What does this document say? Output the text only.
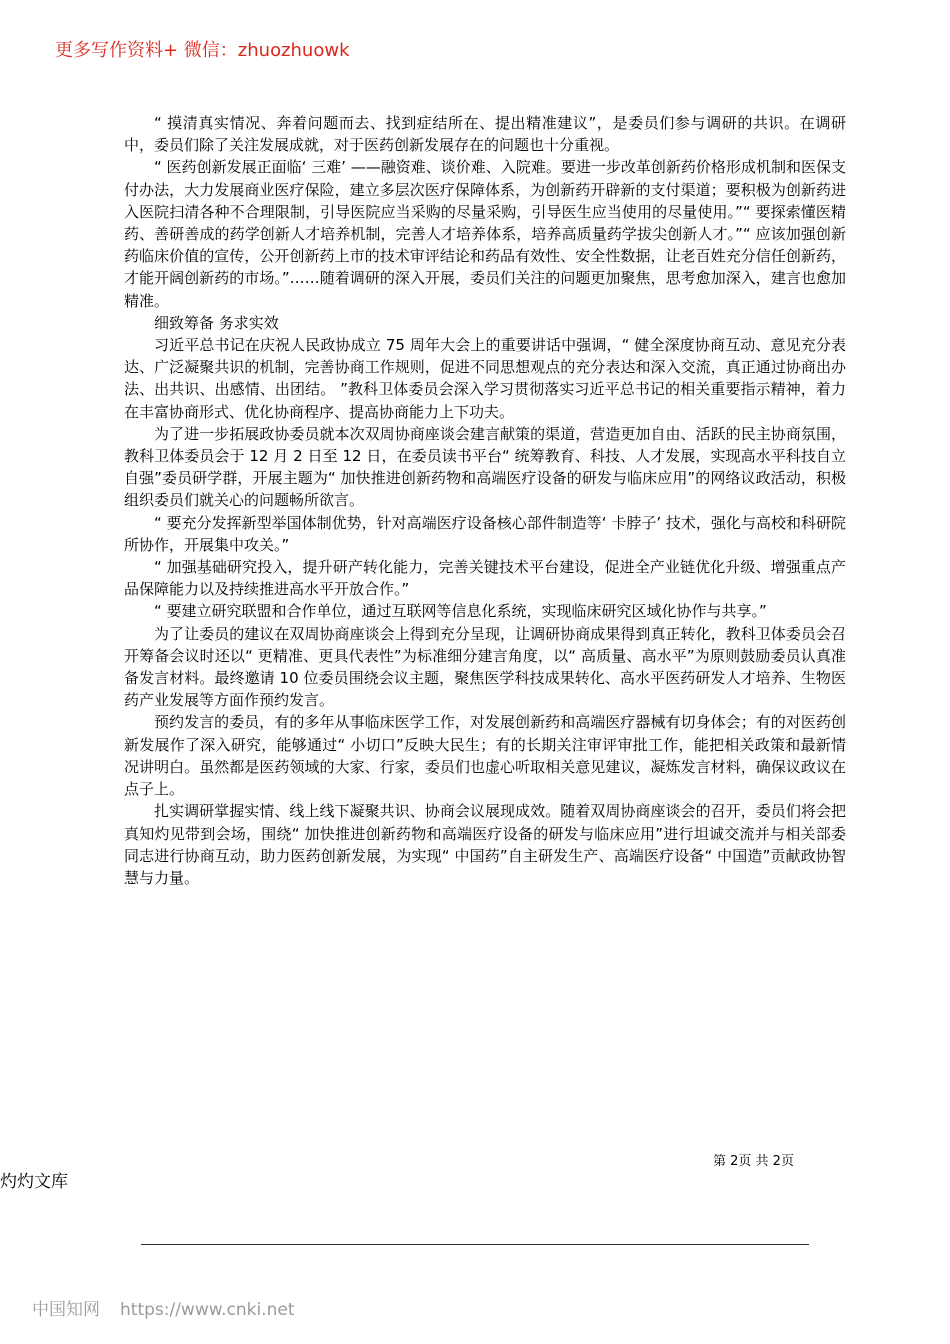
更多写作资料+ 微信：zhuozhuowk

“ 摸清真实情况、奔着问题而去、找到症结所在、提出精准建议”，是委员们参与调研的共识。在调研中，委员们除了关注发展成就，对于医药创新发展存在的问题也十分重视。

“ 医药创新发展正面临‘ 三难’ ——融资难、谈价难、入院难。要进一步改革创新药价格形成机制和医保支付办法，大力发展商业医疗保险，建立多层次医疗保障体系，为创新药开辟新的支付渠道；要积极为创新药进入医院扫清各种不合理限制，引导医院应当采购的尽量采购，引导医生应当使用的尽量使用。”“ 要探索懂医精药、善研善成的药学创新人才培养机制，完善人才培养体系，培养高质量药学拔尖创新人才。”“ 应该加强创新药临床价值的宣传，公开创新药上市的技术审评结论和药品有效性、安全性数据，让老百姓充分信任创新药，才能开阔创新药的市场。”……随着调研的深入开展，委员们关注的问题更加聚焦，思考愈加深入，建言也愈加精准。

细致筹备 务求实效

习近平总书记在庆祝人民政协成立 75 周年大会上的重要讲话中强调，“ 健全深度协商互动、意见充分表达、广泛凝聚共识的机制，完善协商工作规则，促进不同思想观点的充分表达和深入交流，真正通过协商出办法、出共识、出感情、出团结。 ”教科卫体委员会深入学习贯彻落实习近平总书记的相关重要指示精神，着力在丰富协商形式、优化协商程序、提高协商能力上下功夫。

为了进一步拓展政协委员就本次双周协商座谈会建言献策的渠道，营造更加自由、活跃的民主协商氛围，教科卫体委员会于 12 月 2 日至 12 日，在委员读书平台“ 统筹教育、科技、人才发展，实现高水平科技自立自强”委员研学群，开展主题为“ 加快推进创新药物和高端医疗设备的研发与临床应用”的网络议政活动，积极组织委员们就关心的问题畅所欲言。

“ 要充分发挥新型举国体制优势，针对高端医疗设备核心部件制造等‘ 卡脖子’ 技术，强化与高校和科研院所协作，开展集中攻关。”

“ 加强基础研究投入，提升研产转化能力，完善关键技术平台建设，促进全产业链优化升级、增强重点产品保障能力以及持续推进高水平开放合作。”

“ 要建立研究联盟和合作单位，通过互联网等信息化系统，实现临床研究区域化协作与共享。”

为了让委员的建议在双周协商座谈会上得到充分呈现，让调研协商成果得到真正转化，教科卫体委员会召开筹备会议时还以“ 更精准、更具代表性”为标准细分建言角度，以“ 高质量、高水平”为原则鼓励委员认真准备发言材料。最终邀请 10 位委员围绕会议主题，聚焦医学科技成果转化、高水平医药研发人才培养、生物医药产业发展等方面作预约发言。

预约发言的委员，有的多年从事临床医学工作，对发展创新药和高端医疗器械有切身体会；有的对医药创新发展作了深入研究，能够通过“ 小切口”反映大民生；有的长期关注审评审批工作，能把相关政策和最新情况讲明白。虽然都是医药领域的大家、行家，委员们也虚心听取相关意见建议，凝炼发言材料，确保议政议在点子上。

扎实调研掌握实情、线上线下凝聚共识、协商会议展现成效。随着双周协商座谈会的召开，委员们将会把真知灼见带到会场，围绕“ 加快推进创新药物和高端医疗设备的研发与临床应用”进行坦诚交流并与相关部委同志进行协商互动，助力医药创新发展，为实现“ 中国药”自主研发生产、高端医疗设备“ 中国造”贡献政协智慧与力量。

第 2页 共 2页
灼灼文库
中国知网 https://www.cnki.net
